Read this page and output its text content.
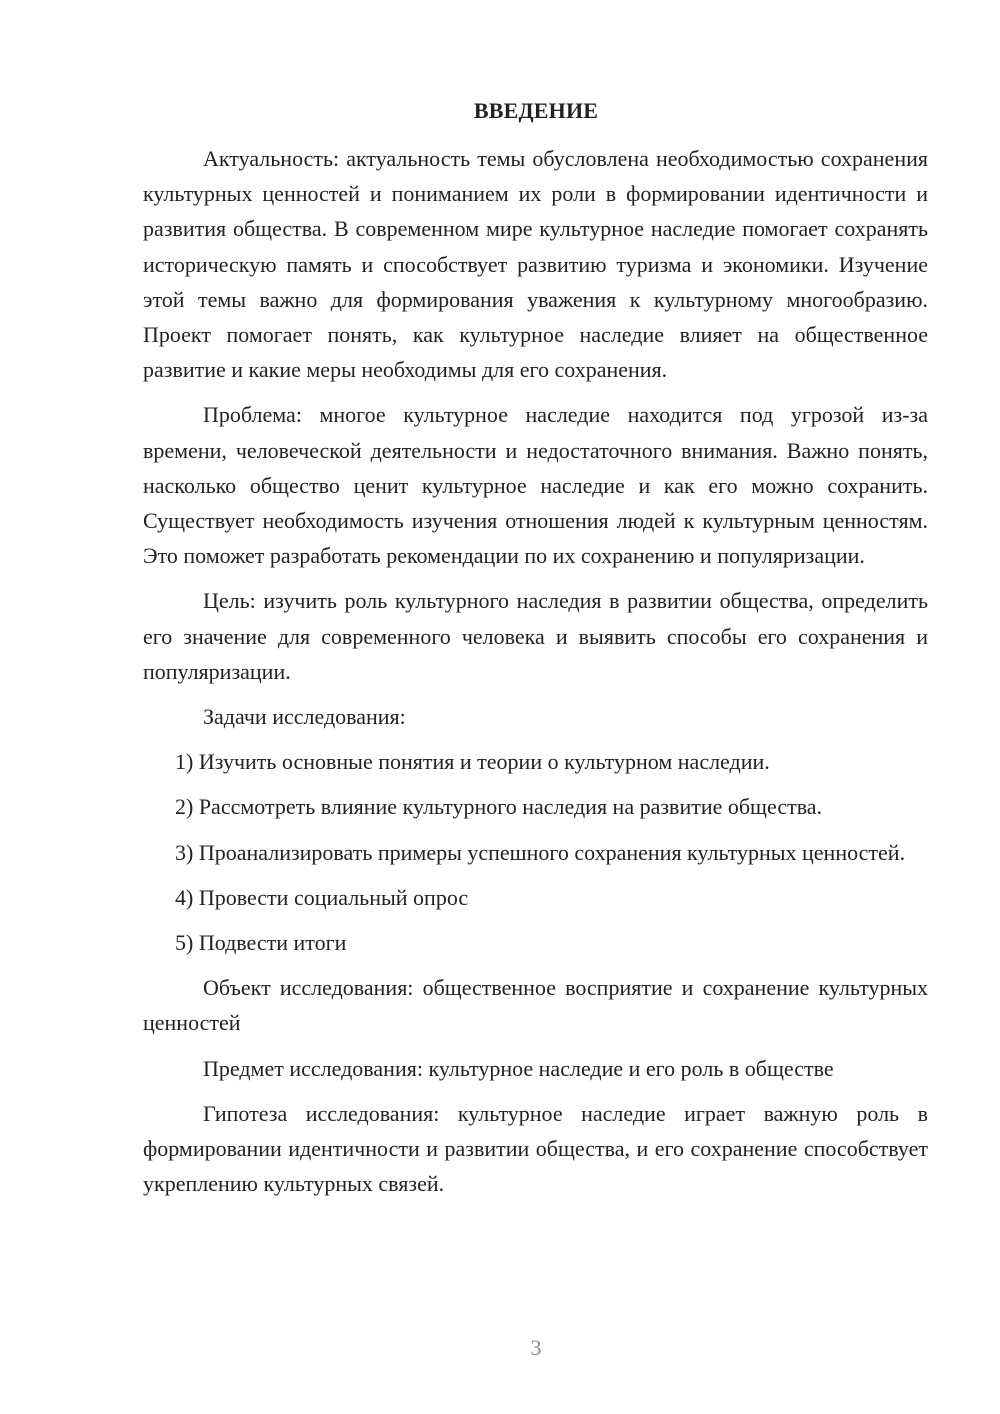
ВВЕДЕНИЕ

Актуальность: актуальность темы обусловлена необходимостью сохранения культурных ценностей и пониманием их роли в формировании идентичности и развития общества. В современном мире культурное наследие помогает сохранять историческую память и способствует развитию туризма и экономики. Изучение этой темы важно для формирования уважения к культурному многообразию. Проект помогает понять, как культурное наследие влияет на общественное развитие и какие меры необходимы для его сохранения.

Проблема: многое культурное наследие находится под угрозой из-за времени, человеческой деятельности и недостаточного внимания. Важно понять, насколько общество ценит культурное наследие и как его можно сохранить. Существует необходимость изучения отношения людей к культурным ценностям. Это поможет разработать рекомендации по их сохранению и популяризации.

Цель: изучить роль культурного наследия в развитии общества, определить его значение для современного человека и выявить способы его сохранения и популяризации.

Задачи исследования:

1) Изучить основные понятия и теории о культурном наследии.

2) Рассмотреть влияние культурного наследия на развитие общества.

3) Проанализировать примеры успешного сохранения культурных ценностей.

4) Провести социальный опрос

5) Подвести итоги

Объект исследования: общественное восприятие и сохранение культурных ценностей

Предмет исследования: культурное наследие и его роль в обществе

Гипотеза исследования: культурное наследие играет важную роль в формировании идентичности и развитии общества, и его сохранение способствует укреплению культурных связей.

3
